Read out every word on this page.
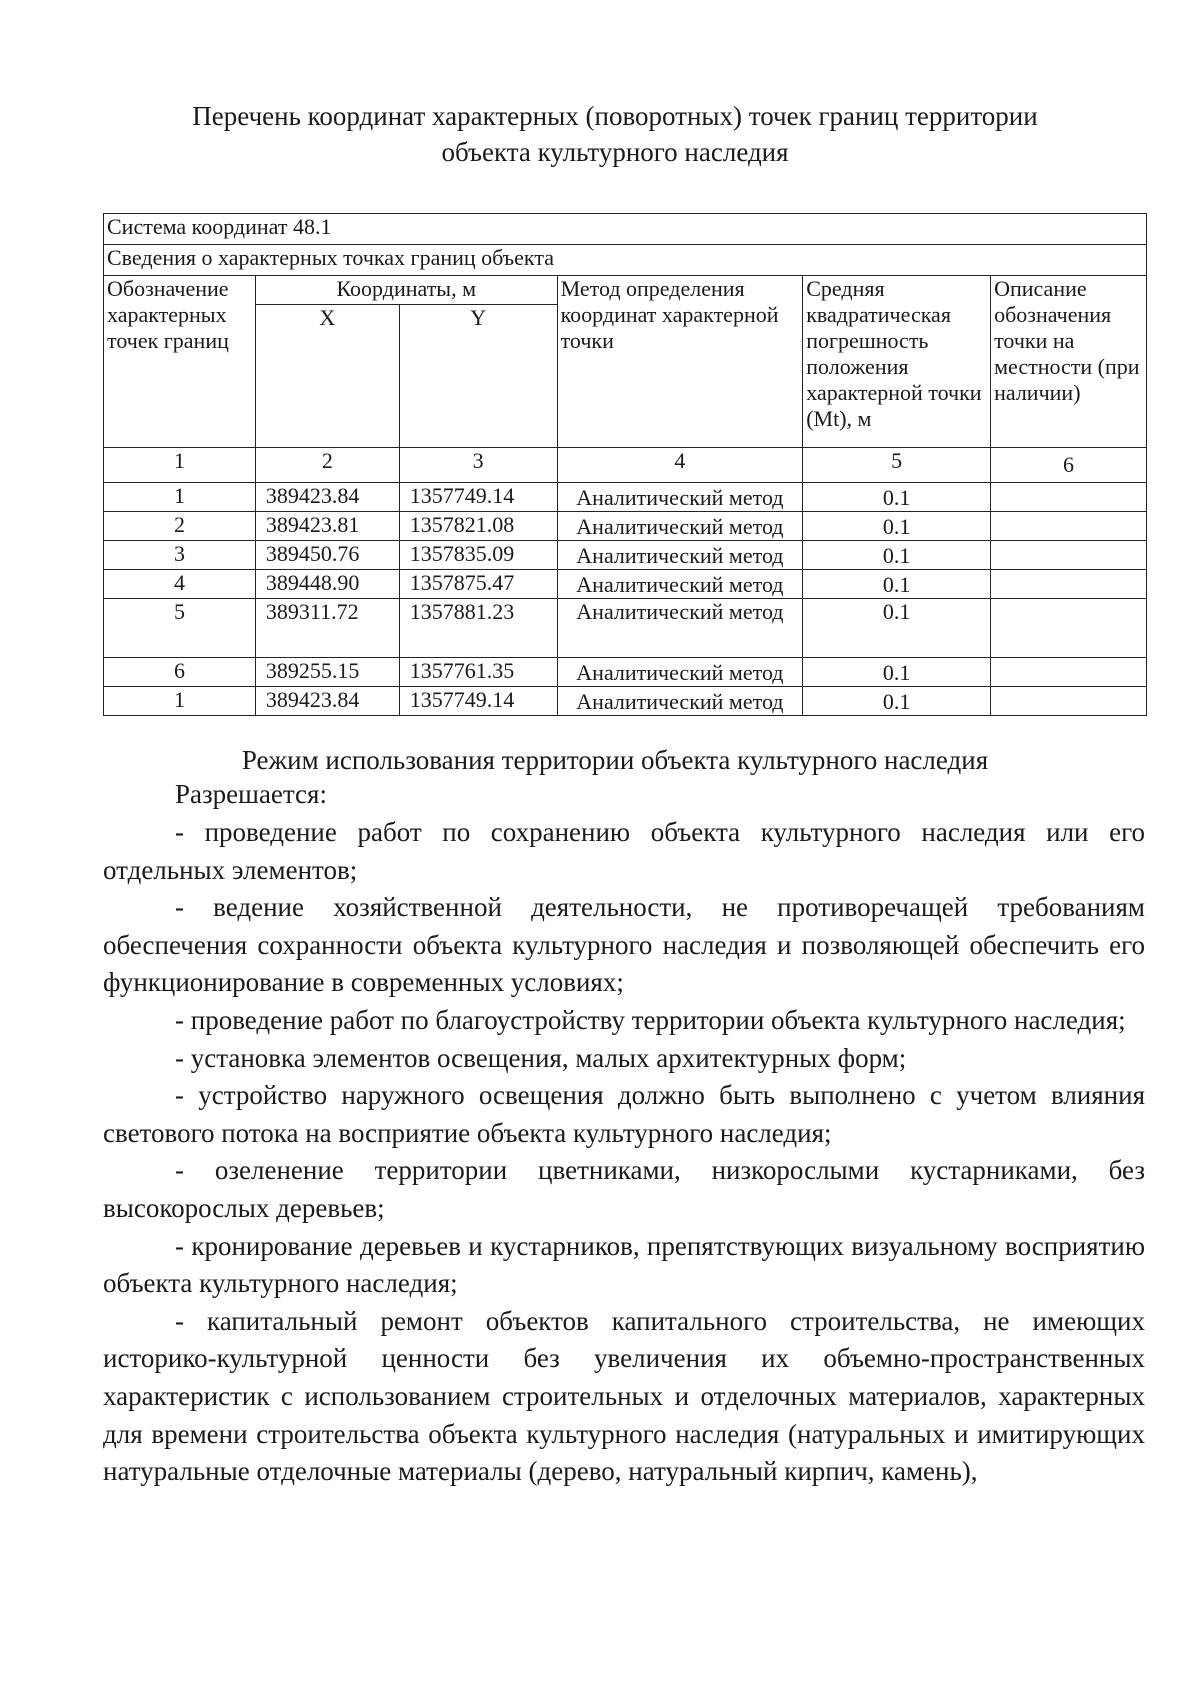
Перечень координат характерных (поворотных) точек границ территории
объекта культурного наследия
Система координат 48.1					
Сведения о характерных точках границ объекта					
Обозначение характерных точек границ	Координаты, м		Метод определения координат характерной точки	Средняя квадратическая погрешность положения характерной точки (Mt), м	Описание обозначения точки на местности (при наличии)
	X	Y			
1	2	3	4	5	6
1	389423.84	1357749.14	Аналитический метод	0.1	
2	389423.81	1357821.08	Аналитический метод	0.1	
3	389450.76	1357835.09	Аналитический метод	0.1	
4	389448.90	1357875.47	Аналитический метод	0.1	
5	389311.72	1357881.23	Аналитический метод	0.1	
6	389255.15	1357761.35	Аналитический метод	0.1	
1	389423.84	1357749.14	Аналитический метод	0.1	
Режим использования территории объекта культурного наследия
Разрешается:

- проведение работ по сохранению объекта культурного наследия или его отдельных элементов;

- ведение хозяйственной деятельности, не противоречащей требованиям обеспечения сохранности объекта культурного наследия и позволяющей обеспечить его функционирование в современных условиях;

- проведение работ по благоустройству территории объекта культурного наследия;

- установка элементов освещения, малых архитектурных форм;

- устройство наружного освещения должно быть выполнено с учетом влияния светового потока на восприятие объекта культурного наследия;

- озеленение территории цветниками, низкорослыми кустарниками, без высокорослых деревьев;

- кронирование деревьев и кустарников, препятствующих визуальному восприятию объекта культурного наследия;

- капитальный ремонт объектов капитального строительства, не имеющих историко-культурной ценности без увеличения их объемно-пространственных характеристик с использованием строительных и отделочных материалов, характерных для времени строительства объекта культурного наследия (натуральных и имитирующих натуральные отделочные материалы (дерево, натуральный кирпич, камень),
